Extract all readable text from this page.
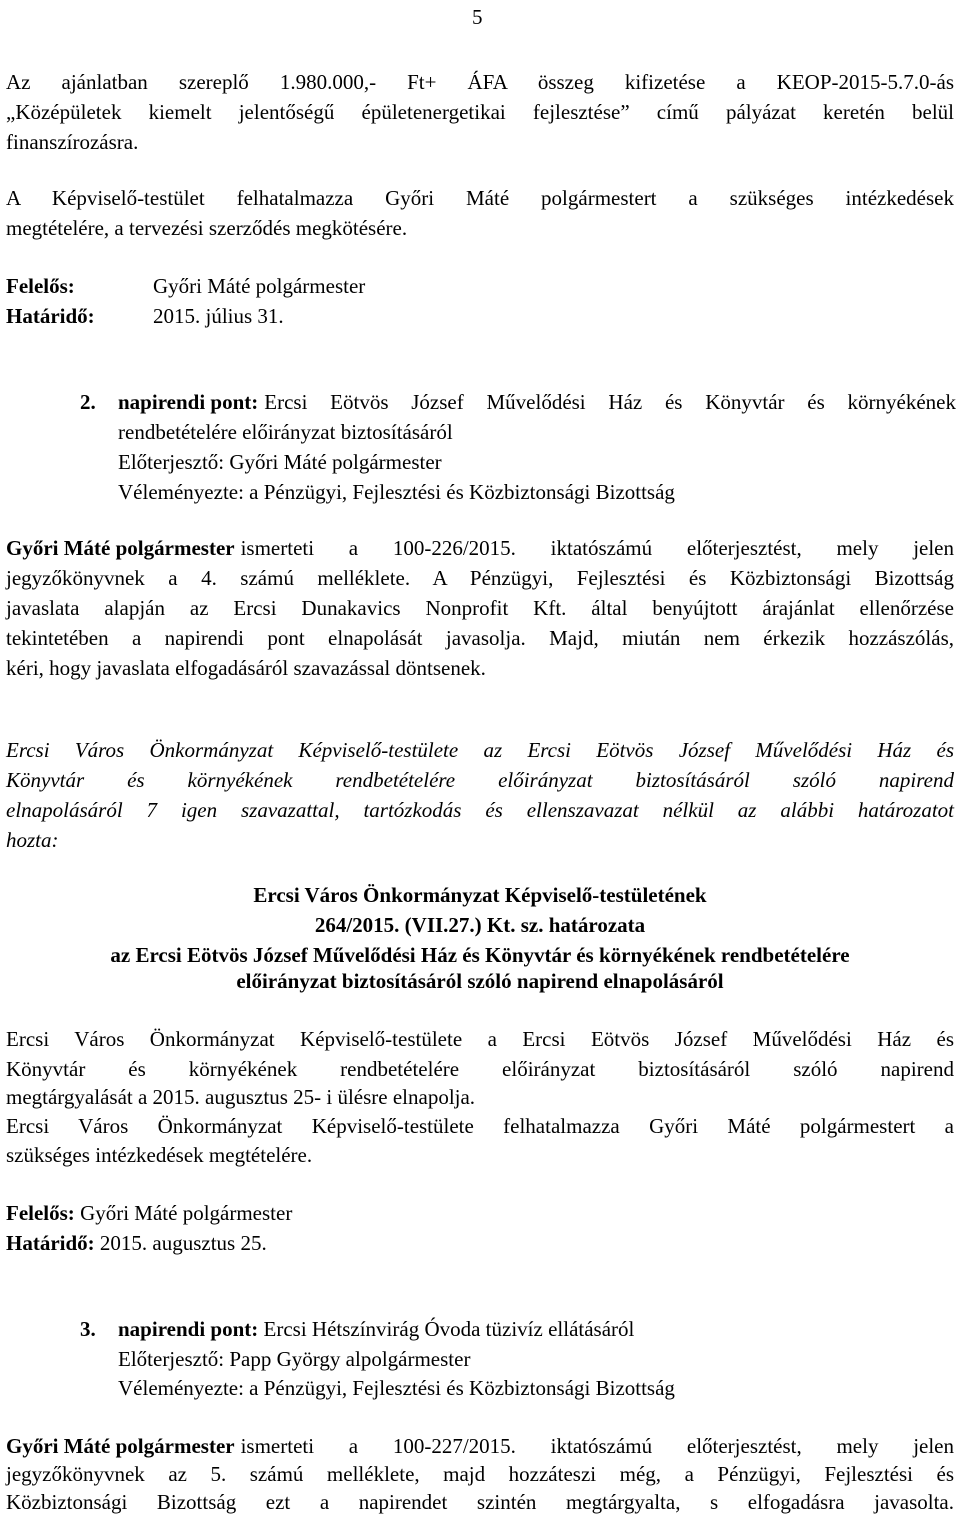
5
Az ajánlatban szereplő 1.980.000,- Ft+ ÁFA összeg kifizetése a KEOP-2015-5.7.0-ás
„Középületek kiemelt jelentőségű épületenergetikai fejlesztése” című pályázat keretén belül
finanszírozásra.
A Képviselő-testület felhatalmazza Győri Máté polgármestert a szükséges intézkedések
megtételére, a tervezési szerződés megkötésére.
Felelős:	Győri Máté polgármester
Határidő:	2015. július 31.
2. napirendi pont: Ercsi Eötvös József Művelődési Ház és Könyvtár és környékének
rendbetételére előirányzat biztosításáról
Előterjesztő: Győri Máté polgármester
Véleményezte: a Pénzügyi, Fejlesztési és Közbiztonsági Bizottság
Győri Máté polgármester ismerteti a 100-226/2015. iktatószámú előterjesztést, mely jelen
jegyzőkönyvnek a 4. számú melléklete. A Pénzügyi, Fejlesztési és Közbiztonsági Bizottság
javaslata alapján az Ercsi Dunakavics Nonprofit Kft. által benyújtott árajánlat ellenőrzése
tekintetében a napirendi pont elnapolását javasolja. Majd, miután nem érkezik hozzászólás,
kéri, hogy javaslata elfogadásáról szavazással döntsenek.
Ercsi Város Önkormányzat Képviselő-testülete az Ercsi Eötvös József Művelődési Ház és
Könyvtár és környékének rendbetételére előirányzat biztosításáról szóló napirend
elnapolásáról 7 igen szavazattal, tartózkodás és ellenszavazat nélkül az alábbi határozatot
hozta:
Ercsi Város Önkormányzat Képviselő-testületének
264/2015. (VII.27.) Kt. sz. határozata
az Ercsi Eötvös József Művelődési Ház és Könyvtár és környékének rendbetételére
előirányzat biztosításáról szóló napirend elnapolásáról
Ercsi Város Önkormányzat Képviselő-testülete a Ercsi Eötvös József Művelődési Ház és
Könyvtár és környékének rendbetételére előirányzat biztosításáról szóló napirend
megtárgyalását a 2015. augusztus 25- i ülésre elnapolja.
Ercsi Város Önkormányzat Képviselő-testülete felhatalmazza Győri Máté polgármestert a
szükséges intézkedések megtételére.
Felelős: Győri Máté polgármester
Határidő: 2015. augusztus 25.
3. napirendi pont: Ercsi Hétszínvirág Óvoda tüzivíz ellátásáról
Előterjesztő: Papp György alpolgármester
Véleményezte: a Pénzügyi, Fejlesztési és Közbiztonsági Bizottság
Győri Máté polgármester ismerteti a 100-227/2015. iktatószámú előterjesztést, mely jelen
jegyzőkönyvnek az 5. számú melléklete, majd hozzáteszi még, a Pénzügyi, Fejlesztési és
Közbiztonsági Bizottság ezt a napirendet szintén megtárgyalta, s elfogadásra javasolta.
